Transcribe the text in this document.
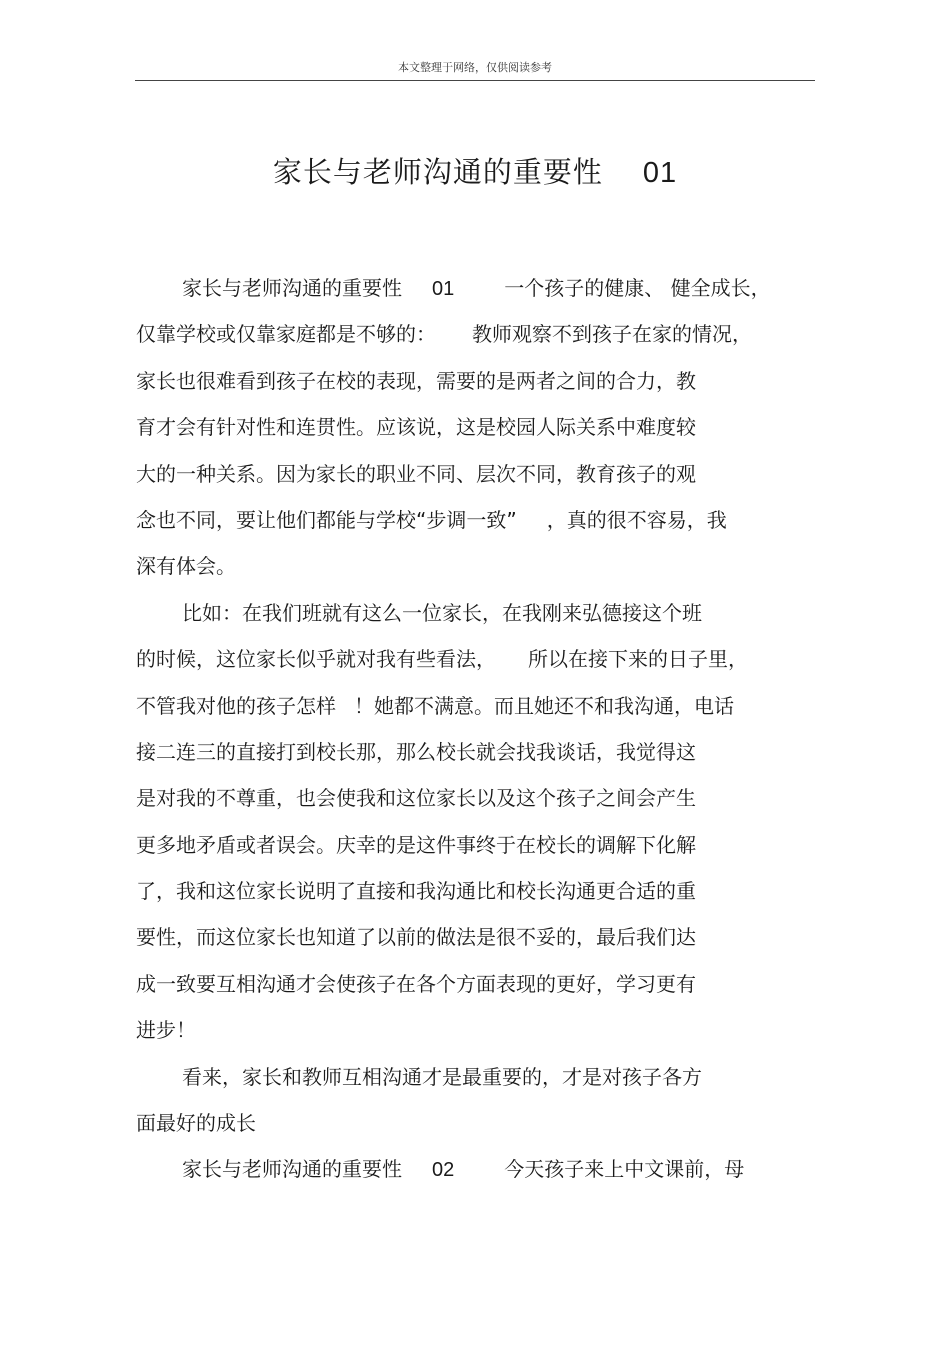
本文整理于网络，仅供阅读参考
家长与老师沟通的重要性 01
家长与老师沟通的重要性 01	一个孩子的健康、 健全成长，
仅靠学校或仅靠家庭都是不够的： 教师观察不到孩子在家的情况，
家长也很难看到孩子在校的表现，需要的是两者之间的合力，教
育才会有针对性和连贯性。应该说，这是校园人际关系中难度较
大的一种关系。因为家长的职业不同、层次不同，教育孩子的观
念也不同，要让他们都能与学校“步调一致” ，真的很不容易，我
深有体会。
比如：在我们班就有这么一位家长，在我刚来弘德接这个班
的时候，这位家长似乎就对我有些看法， 所以在接下来的日子里，
不管我对他的孩子怎样 ！她都不满意。而且她还不和我沟通，电话
接二连三的直接打到校长那，那么校长就会找我谈话，我觉得这
是对我的不尊重，也会使我和这位家长以及这个孩子之间会产生
更多地矛盾或者误会。庆幸的是这件事终于在校长的调解下化解
了，我和这位家长说明了直接和我沟通比和校长沟通更合适的重
要性，而这位家长也知道了以前的做法是很不妥的，最后我们达
成一致要互相沟通才会使孩子在各个方面表现的更好，学习更有
进步！
看来，家长和教师互相沟通才是最重要的，才是对孩子各方
面最好的成长
家长与老师沟通的重要性 02	今天孩子来上中文课前，母
